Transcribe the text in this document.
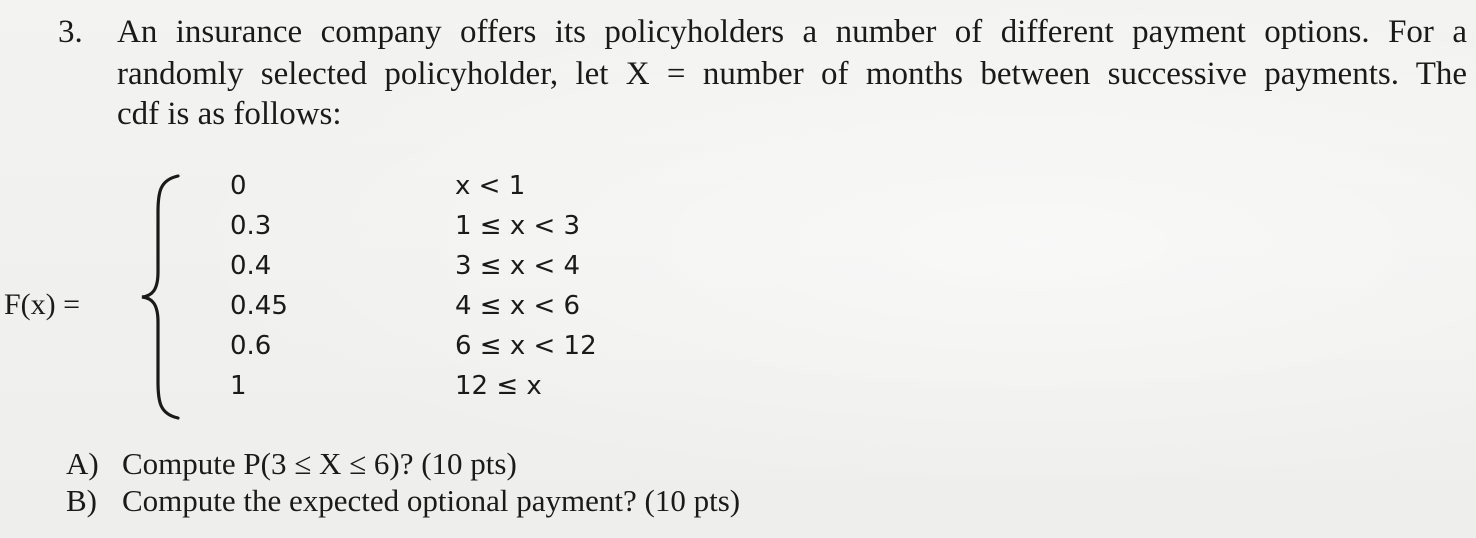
3. An insurance company offers its policyholders a number of different payment options. For a
randomly selected policyholder, let X = number of months between successive payments. The
cdf is as follows:
F(x) =
0	x < 1
0.3	1 ≤ x < 3
0.4	3 ≤ x < 4
0.45	4 ≤ x < 6
0.6	6 ≤ x < 12
1	12 ≤ x
A) Compute P(3 ≤ X ≤ 6)? (10 pts)
B) Compute the expected optional payment? (10 pts)
